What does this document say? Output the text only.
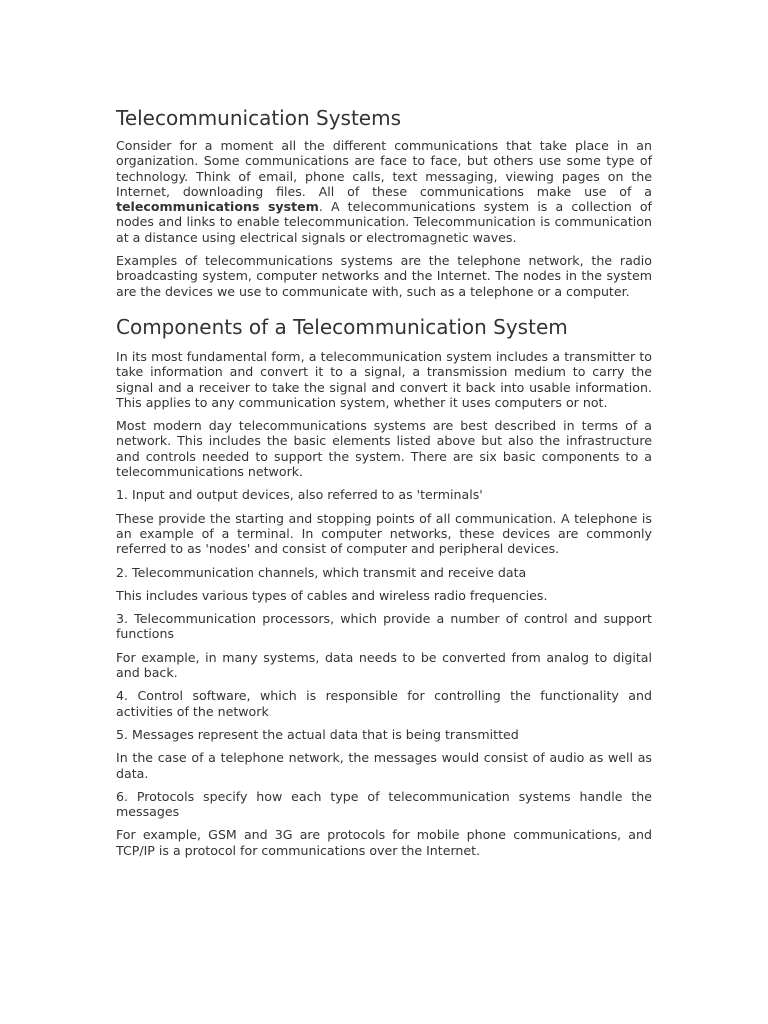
Telecommunication Systems

Consider for a moment all the different communications that take place in an organization. Some communications are face to face, but others use some type of technology. Think of email, phone calls, text messaging, viewing pages on the Internet, downloading files. All of these communications make use of a telecommunications system. A telecommunications system is a collection of nodes and links to enable telecommunication. Telecommunication is communication at a distance using electrical signals or electromagnetic waves.

Examples of telecommunications systems are the telephone network, the radio broadcasting system, computer networks and the Internet. The nodes in the system are the devices we use to communicate with, such as a telephone or a computer.

Components of a Telecommunication System

In its most fundamental form, a telecommunication system includes a transmitter to take information and convert it to a signal, a transmission medium to carry the signal and a receiver to take the signal and convert it back into usable information. This applies to any communication system, whether it uses computers or not.

Most modern day telecommunications systems are best described in terms of a network. This includes the basic elements listed above but also the infrastructure and controls needed to support the system. There are six basic components to a telecommunications network.

1. Input and output devices, also referred to as 'terminals'

These provide the starting and stopping points of all communication. A telephone is an example of a terminal. In computer networks, these devices are commonly referred to as 'nodes' and consist of computer and peripheral devices.

2. Telecommunication channels, which transmit and receive data

This includes various types of cables and wireless radio frequencies.

3. Telecommunication processors, which provide a number of control and support functions

For example, in many systems, data needs to be converted from analog to digital and back.

4. Control software, which is responsible for controlling the functionality and activities of the network

5. Messages represent the actual data that is being transmitted

In the case of a telephone network, the messages would consist of audio as well as data.

6. Protocols specify how each type of telecommunication systems handle the messages

For example, GSM and 3G are protocols for mobile phone communications, and TCP/IP is a protocol for communications over the Internet.
